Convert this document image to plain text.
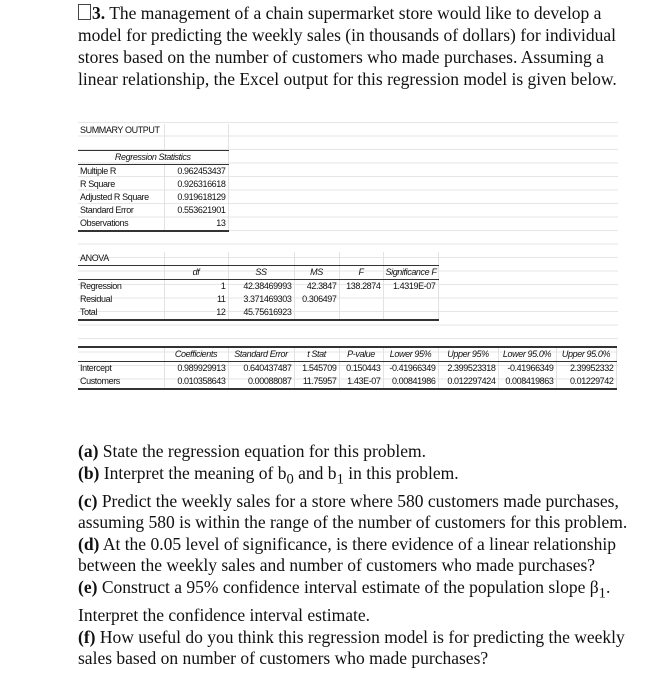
3. The management of a chain supermarket store would like to develop a model for predicting the weekly sales (in thousands of dollars) for individual stores based on the number of customers who made purchases. Assuming a linear relationship, the Excel output for this regression model is given below.
SUMMARY OUTPUT	

Regression Statistics	
Multiple R	0.962453437
R Square	0.926316618
Adjusted R Square	0.919618129
Standard Error	0.553621901
Observations	13
ANOVA					
	df	SS	MS	F	Significance F
Regression	1	42.38469993	42.3847	138.2874	1.4319E-07
Residual	11	3.371469303	0.306497		
Total	12	45.75616923			
	Coefficients	Standard Error	t Stat	P-value	Lower 95%	Upper 95%	Lower 95.0%	Upper 95.0%
Intercept	0.989929913	0.640437487	1.545709	0.150443	-0.41966349	2.399523318	-0.41966349	2.39952332
Customers	0.010358643	0.00088087	11.75957	1.43E-07	0.00841986	0.012297424	0.008419863	0.01229742
(a) State the regression equation for this problem.
(b) Interpret the meaning of $b_0$ and $b_1$ in this problem.
(c) Predict the weekly sales for a store where 580 customers made purchases, assuming 580 is within the range of the number of customers for this problem.
(d) At the 0.05 level of significance, is there evidence of a linear relationship between the weekly sales and number of customers who made purchases?
(e) Construct a 95% confidence interval estimate of the population slope $\beta_1$. Interpret the confidence interval estimate.
(f) How useful do you think this regression model is for predicting the weekly sales based on number of customers who made purchases?
